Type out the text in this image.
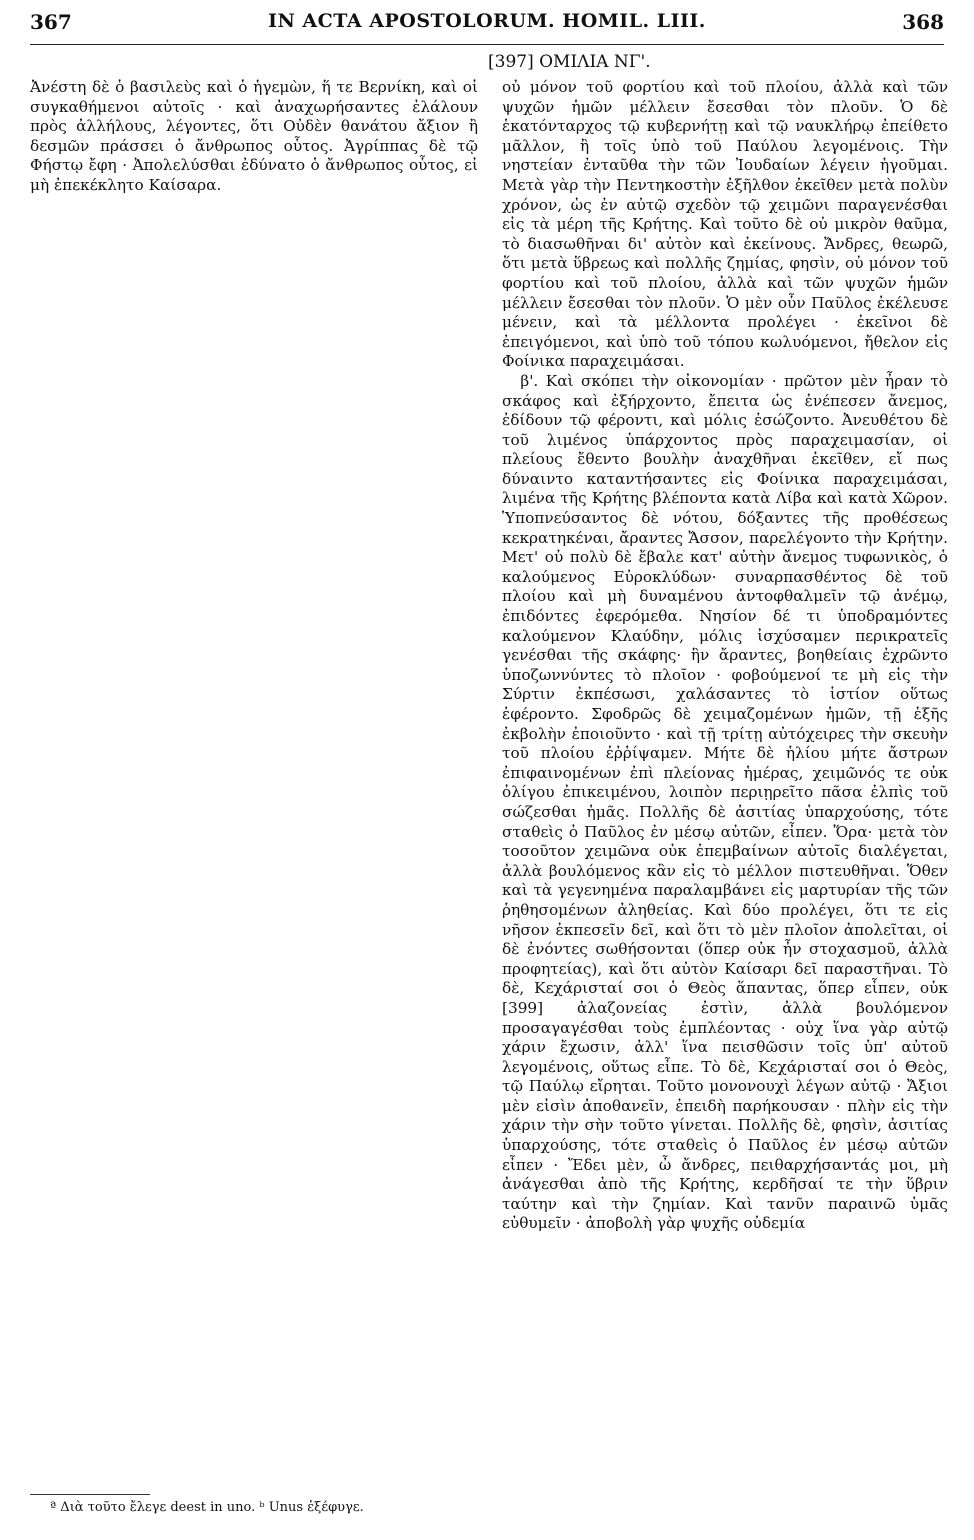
367	IN ACTA APOSTOLORUM. HOMIL. LIII.	368
[397] ΟΜΙΛΙΑ ΝΓ'.

Ἀνέστη δὲ ὁ βασιλεὺς καὶ ὁ ἡγεμὼν, ἥ τε Βερνίκη, καὶ οἱ συγκαθήμενοι αὐτοῖς · καὶ ἀναχωρήσαντες ἐλάλουν πρὸς ἀλλήλους, λέγοντες, ὅτι Οὐδὲν θανάτου ἄξιον ἢ δεσμῶν πράσσει ὁ ἄνθρωπος οὗτος. Ἀγρίππας δὲ τῷ Φήστῳ ἔφη · Ἀπολελύσθαι ἐδύνατο ὁ ἄνθρωπος οὗτος, εἰ μὴ ἐπεκέκλητο Καίσαρα.

οὐ μόνον τοῦ φορτίου καὶ τοῦ πλοίου, ἀλλὰ καὶ τῶν ψυχῶν ἡμῶν μέλλειν ἔσεσθαι τὸν πλοῦν. Ὁ δὲ ἑκατόνταρχος τῷ κυβερνήτῃ καὶ τῷ ναυκλήρῳ ἐπείθετο μᾶλλον, ἢ τοῖς ὑπὸ τοῦ Παύλου λεγομένοις. Τὴν νηστείαν ἐνταῦθα τὴν τῶν Ἰουδαίων λέγειν ἡγοῦμαι. Μετὰ γὰρ τὴν Πεντηκοστὴν ἐξῆλθον ἐκεῖθεν μετὰ πολὺν χρόνον, ὡς ἐν αὐτῷ σχεδὸν τῷ χειμῶνι παραγενέσθαι εἰς τὰ μέρη τῆς Κρήτης. Καὶ τοῦτο δὲ οὐ μικρὸν θαῦμα, τὸ διασωθῆναι δι' αὐτὸν καὶ ἐκείνους. Ἄνδρες, θεωρῶ, ὅτι μετὰ ὕβρεως καὶ πολλῆς ζημίας, φησὶν, οὐ μόνον τοῦ φορτίου καὶ τοῦ πλοίου, ἀλλὰ καὶ τῶν ψυχῶν ἡμῶν μέλλειν ἔσεσθαι τὸν πλοῦν. Ὁ μὲν οὖν Παῦλος ἐκέλευσε μένειν, καὶ τὰ μέλλοντα προλέγει · ἐκεῖνοι δὲ ἐπειγόμενοι, καὶ ὑπὸ τοῦ τόπου κωλυόμενοι, ἤθελον εἰς Φοίνικα παραχειμάσαι.

β'. Καὶ σκόπει τὴν οἰκονομίαν · πρῶτον μὲν ἦραν τὸ σκάφος καὶ ἐξήρχοντο, ἔπειτα ὡς ἐνέπεσεν ἄνεμος, ἐδίδουν τῷ φέροντι, καὶ μόλις ἐσώζοντο. Ἀνευθέτου δὲ τοῦ λιμένος ὑπάρχοντος πρὸς παραχειμασίαν, οἱ πλείους ἔθεντο βουλὴν ἀναχθῆναι ἐκεῖθεν, εἴ πως δύναιντο καταντήσαντες εἰς Φοίνικα παραχειμάσαι, λιμένα τῆς Κρήτης βλέποντα κατὰ Λίβα καὶ κατὰ Χῶρον. Ὑποπνεύσαντος δὲ νότου, δόξαντες τῆς προθέσεως κεκρατηκέναι, ἄραντες Ἄσσον, παρελέγοντο τὴν Κρήτην. Μετ' οὐ πολὺ δὲ ἔβαλε κατ' αὐτὴν ἄνεμος τυφωνικὸς, ὁ καλούμενος Εὐροκλύδων· συναρπασθέντος δὲ τοῦ πλοίου καὶ μὴ δυναμένου ἀντοφθαλμεῖν τῷ ἀνέμῳ, ἐπιδόντες ἐφερόμεθα. Νησίον δέ τι ὑποδραμόντες καλούμενον Κλαύδην, μόλις ἰσχύσαμεν περικρατεῖς γενέσθαι τῆς σκάφης· ἣν ἄραντες, βοηθείαις ἐχρῶντο ὑποζωννύντες τὸ πλοῖον · φοβούμενοί τε μὴ εἰς τὴν Σύρτιν ἐκπέσωσι, χαλάσαντες τὸ ἱστίον οὕτως ἐφέροντο. Σφοδρῶς δὲ χειμαζομένων ἡμῶν, τῇ ἑξῆς ἐκβολὴν ἐποιοῦντο · καὶ τῇ τρίτῃ αὐτόχειρες τὴν σκευὴν τοῦ πλοίου ἐῤῥίψαμεν. Μήτε δὲ ἡλίου μήτε ἄστρων ἐπιφαινομένων ἐπὶ πλείονας ἡμέρας, χειμῶνός τε οὐκ ὀλίγου ἐπικειμένου, λοιπὸν περιῃρεῖτο πᾶσα ἐλπὶς τοῦ σώζεσθαι ἡμᾶς. Πολλῆς δὲ ἀσιτίας ὑπαρχούσης, τότε σταθεὶς ὁ Παῦλος ἐν μέσῳ αὐτῶν, εἶπεν. Ὅρα· μετὰ τὸν τοσοῦτον χειμῶνα οὐκ ἐπεμβαίνων αὐτοῖς διαλέγεται, ἀλλὰ βουλόμενος κἂν εἰς τὸ μέλλον πιστευθῆναι. Ὅθεν καὶ τὰ γεγενημένα παραλαμβάνει εἰς μαρτυρίαν τῆς τῶν ῥηθησομένων ἀληθείας. Καὶ δύο προλέγει, ὅτι τε εἰς νῆσον ἐκπεσεῖν δεῖ, καὶ ὅτι τὸ μὲν πλοῖον ἀπολεῖται, οἱ δὲ ἐνόντες σωθήσονται (ὅπερ οὐκ ἦν στοχασμοῦ, ἀλλὰ προφητείας), καὶ ὅτι αὐτὸν Καίσαρι δεῖ παραστῆναι. Τὸ δὲ, Κεχάρισταί σοι ὁ Θεὸς ἅπαντας, ὅπερ εἶπεν, οὐκ [399] ἀλαζονείας ἐστὶν, ἀλλὰ βουλόμενον προσαγαγέσθαι τοὺς ἐμπλέοντας · οὐχ ἵνα γὰρ αὐτῷ χάριν ἔχωσιν, ἀλλ' ἵνα πεισθῶσιν τοῖς ὑπ' αὐτοῦ λεγομένοις, οὕτως εἶπε. Τὸ δὲ, Κεχάρισταί σοι ὁ Θεὸς, τῷ Παύλῳ εἴρηται. Τοῦτο μονονουχὶ λέγων αὐτῷ · Ἄξιοι μὲν εἰσὶν ἀποθανεῖν, ἐπειδὴ παρήκουσαν · πλὴν εἰς τὴν χάριν τὴν σὴν τοῦτο γίνεται. Πολλῆς δὲ, φησὶν, ἀσιτίας ὑπαρχούσης, τότε σταθεὶς ὁ Παῦλος ἐν μέσῳ αὐτῶν εἶπεν · Ἔδει μὲν, ὦ ἄνδρες, πειθαρχήσαντάς μοι, μὴ ἀνάγεσθαι ἀπὸ τῆς Κρήτης, κερδῆσαί τε τὴν ὕβριν ταύτην καὶ τὴν ζημίαν. Καὶ τανῦν παραινῶ ὑμᾶς εὐθυμεῖν · ἀποβολὴ γὰρ ψυχῆς οὐδεμία

ª Διὰ τοῦτο ἔλεγε deest in uno. ᵇ Unus ἐξέφυγε.
